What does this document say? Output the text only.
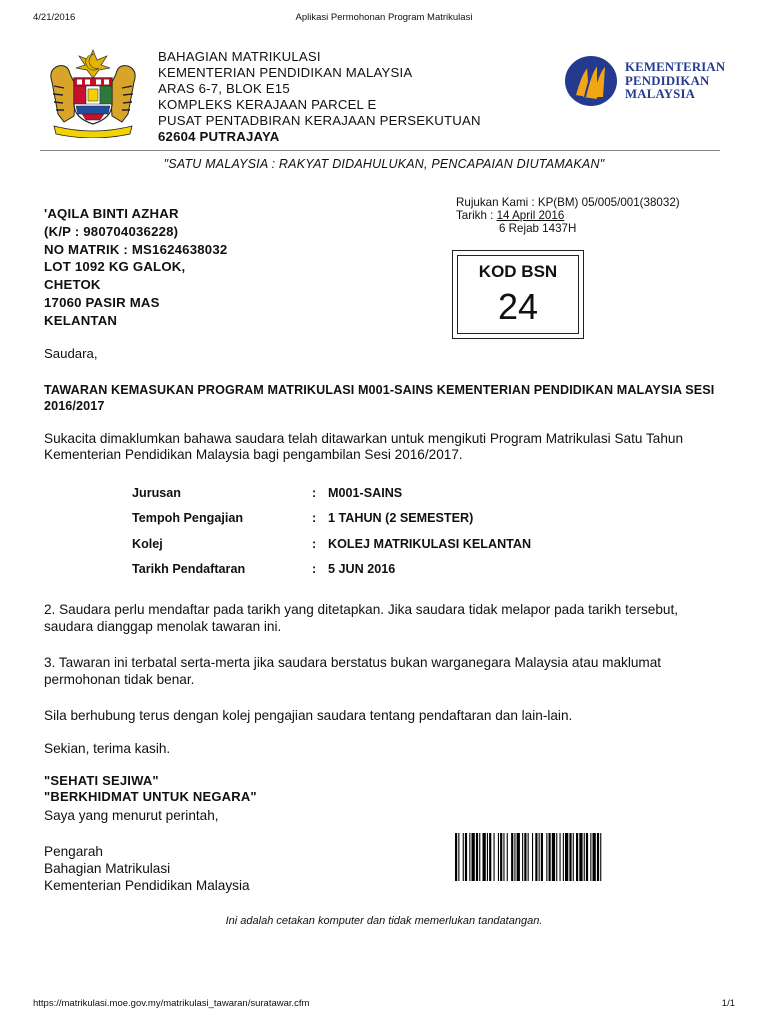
4/21/2016	Aplikasi Permohonan Program Matrikulasi
BAHAGIAN MATRIKULASI
KEMENTERIAN PENDIDIKAN MALAYSIA
ARAS 6-7, BLOK E15
KOMPLEKS KERAJAAN PARCEL E
PUSAT PENTADBIRAN KERAJAAN PERSEKUTUAN
62604 PUTRAJAYA
KEMENTERIAN
PENDIDIKAN
MALAYSIA
"SATU MALAYSIA : RAKYAT DIDAHULUKAN, PENCAPAIAN DIUTAMAKAN"
Rujukan Kami : KP(BM) 05/005/001(38032)
Tarikh : 14 April 2016
6 Rejab 1437H
'AQILA BINTI AZHAR
(K/P : 980704036228)
NO MATRIK : MS1624638032
LOT 1092 KG GALOK,
CHETOK
17060 PASIR MAS
KELANTAN
KOD BSN
24
Saudara,
TAWARAN KEMASUKAN PROGRAM MATRIKULASI M001-SAINS KEMENTERIAN PENDIDIKAN MALAYSIA SESI 2016/2017
Sukacita dimaklumkan bahawa saudara telah ditawarkan untuk mengikuti Program Matrikulasi Satu Tahun Kementerian Pendidikan Malaysia bagi pengambilan Sesi 2016/2017.
Jurusan	: M001-SAINS
Tempoh Pengajian	: 1 TAHUN (2 SEMESTER)
Kolej	: KOLEJ MATRIKULASI KELANTAN
Tarikh Pendaftaran	: 5 JUN 2016
2. Saudara perlu mendaftar pada tarikh yang ditetapkan. Jika saudara tidak melapor pada tarikh tersebut, saudara dianggap menolak tawaran ini.
3. Tawaran ini terbatal serta-merta jika saudara berstatus bukan warganegara Malaysia atau maklumat permohonan tidak benar.
Sila berhubung terus dengan kolej pengajian saudara tentang pendaftaran dan lain-lain.
Sekian, terima kasih.
"SEHATI SEJIWA"
"BERKHIDMAT UNTUK NEGARA"
Saya yang menurut perintah,
Pengarah
Bahagian Matrikulasi
Kementerian Pendidikan Malaysia
Ini adalah cetakan komputer dan tidak memerlukan tandatangan.
https://matrikulasi.moe.gov.my/matrikulasi_tawaran/suratawar.cfm	1/1
